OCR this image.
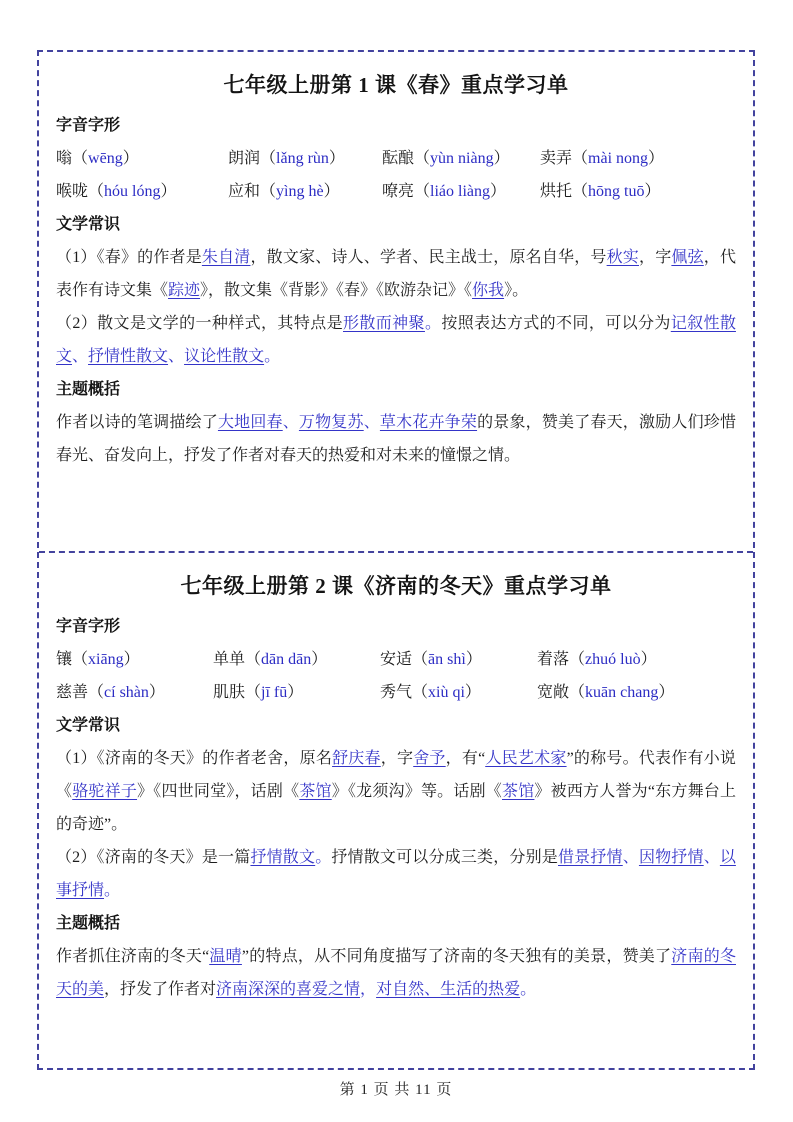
七年级上册第 1 课《春》重点学习单
字音字形
嗡（wēng）	朗润（lǎng rùn）	酝酿（yùn niàng）	卖弄（mài nong）
喉咙（hóu lóng）	应和（yìng hè）	嘹亮（liáo liàng）	烘托（hōng tuō）
文学常识

（1）《春》的作者是朱自清，散文家、诗人、学者、民主战士，原名自华，号秋实，字佩弦，代表作有诗文集《踪迹》，散文集《背影》《春》《欧游杂记》《你我》。

（2）散文是文学的一种样式，其特点是形散而神聚。按照表达方式的不同，可以分为记叙性散文、抒情性散文、议论性散文。

主题概括

作者以诗的笔调描绘了大地回春、万物复苏、草木花卉争荣的景象，赞美了春天，激励人们珍惜春光、奋发向上，抒发了作者对春天的热爱和对未来的憧憬之情。

七年级上册第 2 课《济南的冬天》重点学习单
字音字形
镶（xiāng）	单单（dān dān）	安适（ān shì）	着落（zhuó luò）
慈善（cí shàn）	肌肤（jī fū）	秀气（xiù qi）	宽敞（kuān chang）
文学常识

（1）《济南的冬天》的作者老舍，原名舒庆春，字舍予，有“人民艺术家”的称号。代表作有小说《骆驼祥子》《四世同堂》，话剧《茶馆》《龙须沟》等。话剧《茶馆》被西方人誉为“东方舞台上的奇迹”。

（2）《济南的冬天》是一篇抒情散文。抒情散文可以分成三类，分别是借景抒情、因物抒情、以事抒情。

主题概括

作者抓住济南的冬天“温晴”的特点，从不同角度描写了济南的冬天独有的美景，赞美了济南的冬天的美，抒发了作者对济南深深的喜爱之情，对自然、生活的热爱。

第 1 页 共 11 页
